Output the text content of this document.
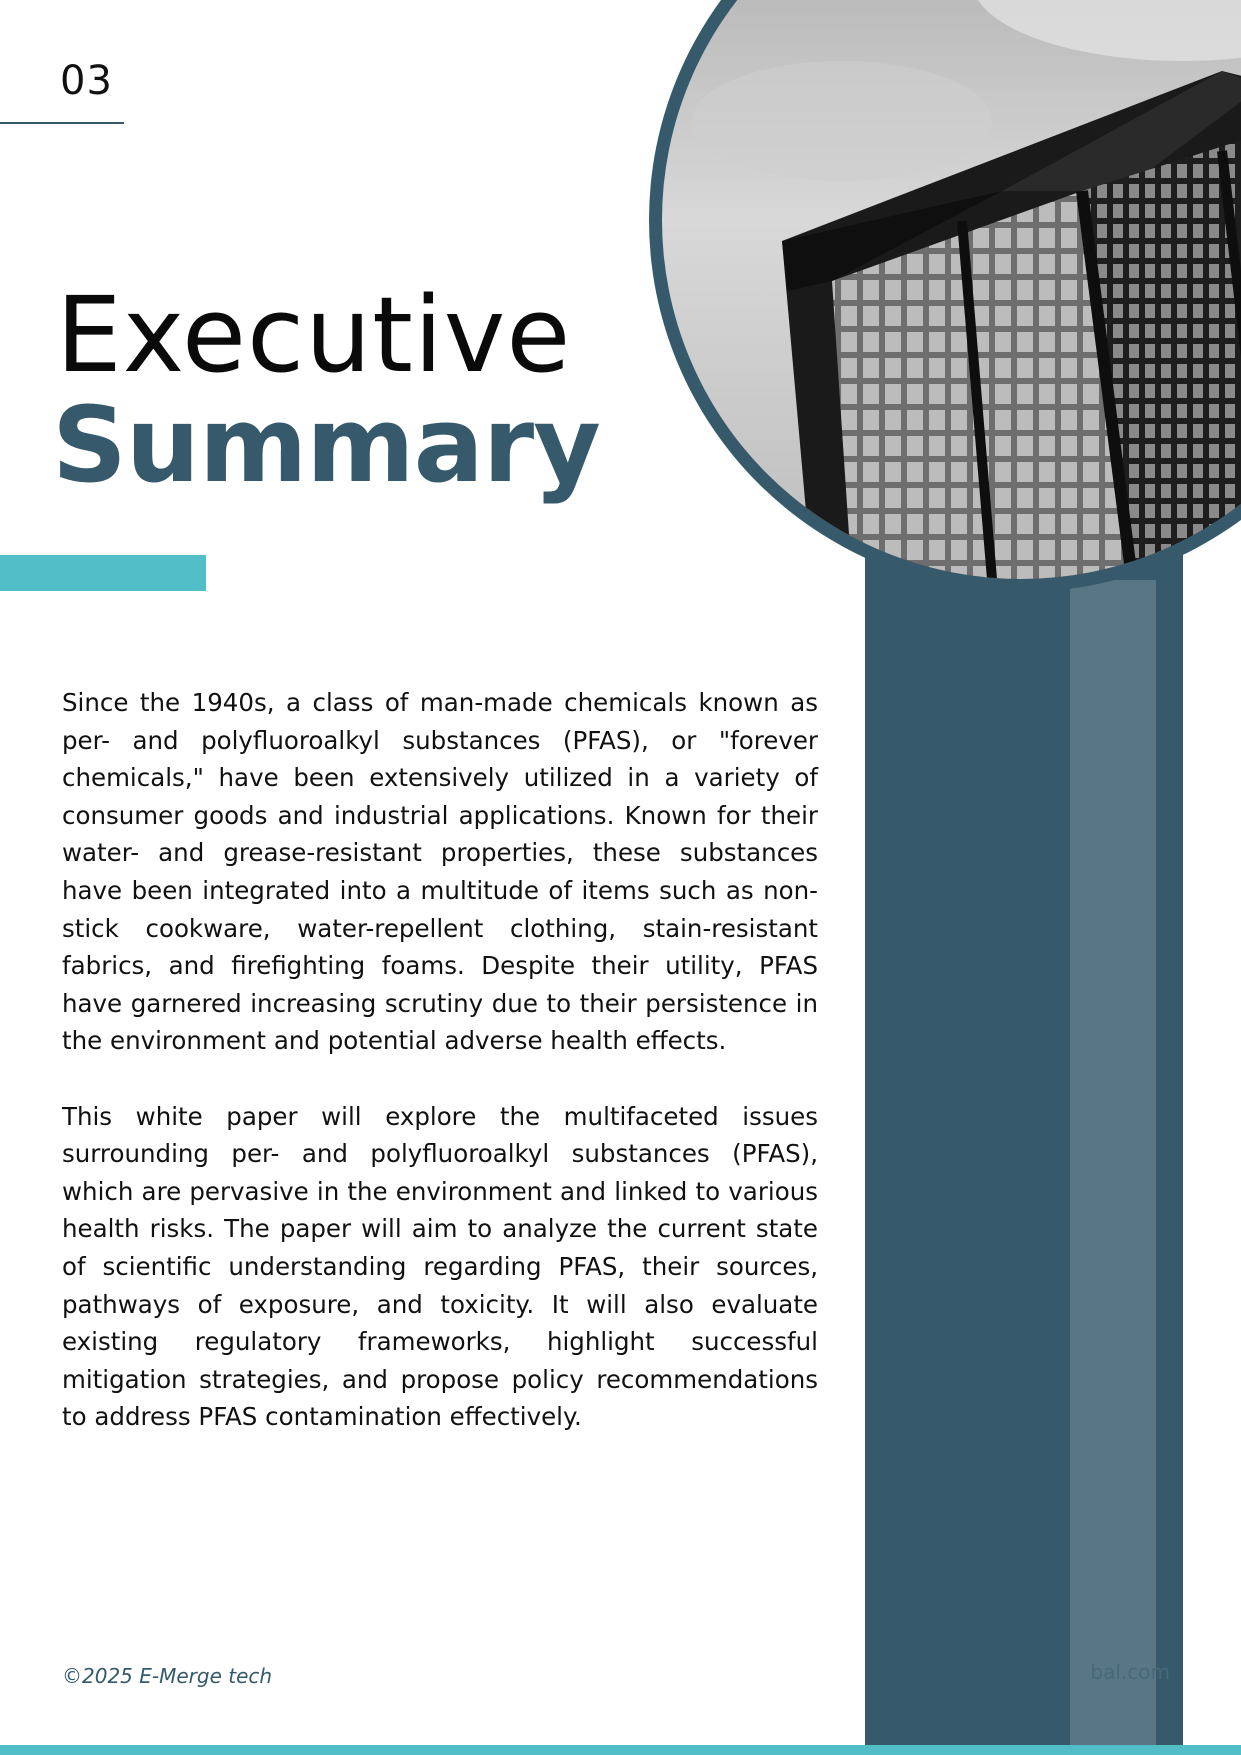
03
Executive
Summary

Since the 1940s, a class of man-made chemicals known as per- and polyfluoroalkyl substances (PFAS), or "forever chemicals," have been extensively utilized in a variety of consumer goods and industrial applications. Known for their water- and grease-resistant properties, these substances have been integrated into a multitude of items such as non-stick cookware, water-repellent clothing, stain-resistant fabrics, and firefighting foams. Despite their utility, PFAS have garnered increasing scrutiny due to their persistence in the environment and potential adverse health effects.

This white paper will explore the multifaceted issues surrounding per- and polyfluoroalkyl substances (PFAS), which are pervasive in the environment and linked to various health risks. The paper will aim to analyze the current state of scientific understanding regarding PFAS, their sources, pathways of exposure, and toxicity. It will also evaluate existing regulatory frameworks, highlight successful mitigation strategies, and propose policy recommendations to address PFAS contamination effectively.

©2025 E-Merge tech	bal.com
